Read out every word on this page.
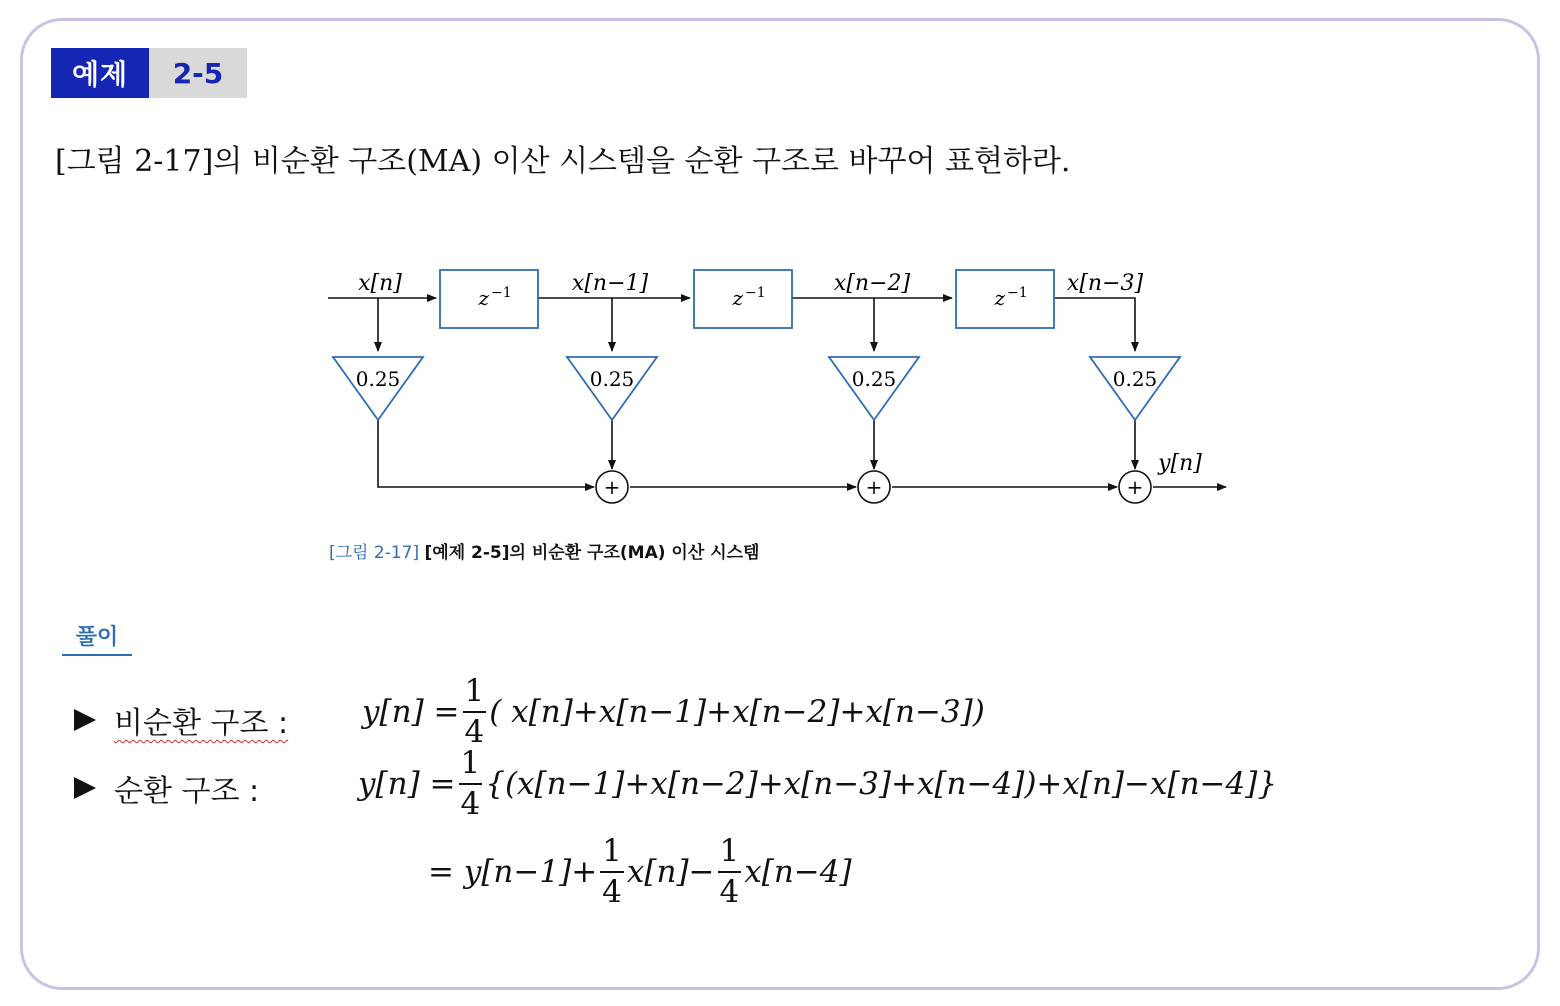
예제	2-5
[그림 2-17]의 비순환 구조(MA) 이산 시스템을 순환 구조로 바꾸어 표현하라.
z −1	z −1	z −1
0.25	0.25	0.25	0.25
+	+	+
x[n]	x[n−1]	x[n−2]	x[n−3]
y[n]
[그림 2-17] [예제 2-5]의 비순환 구조(MA) 이산 시스템
풀이
비순환 구조 : $y[n] = \frac{1}{4}$ ( x[n]+x[n−1]+x[n−2]+x[n−3])
순환 구조 :	$y[n] = \frac{1}{4} \{(x[n-1]+x[n-2]+x[n-3]+x[n-4])+x[n]-x[n-4]\}$
= $y[n-1]+ \frac{1}{4} x[n]- \frac{1}{4} x[n-4]$
